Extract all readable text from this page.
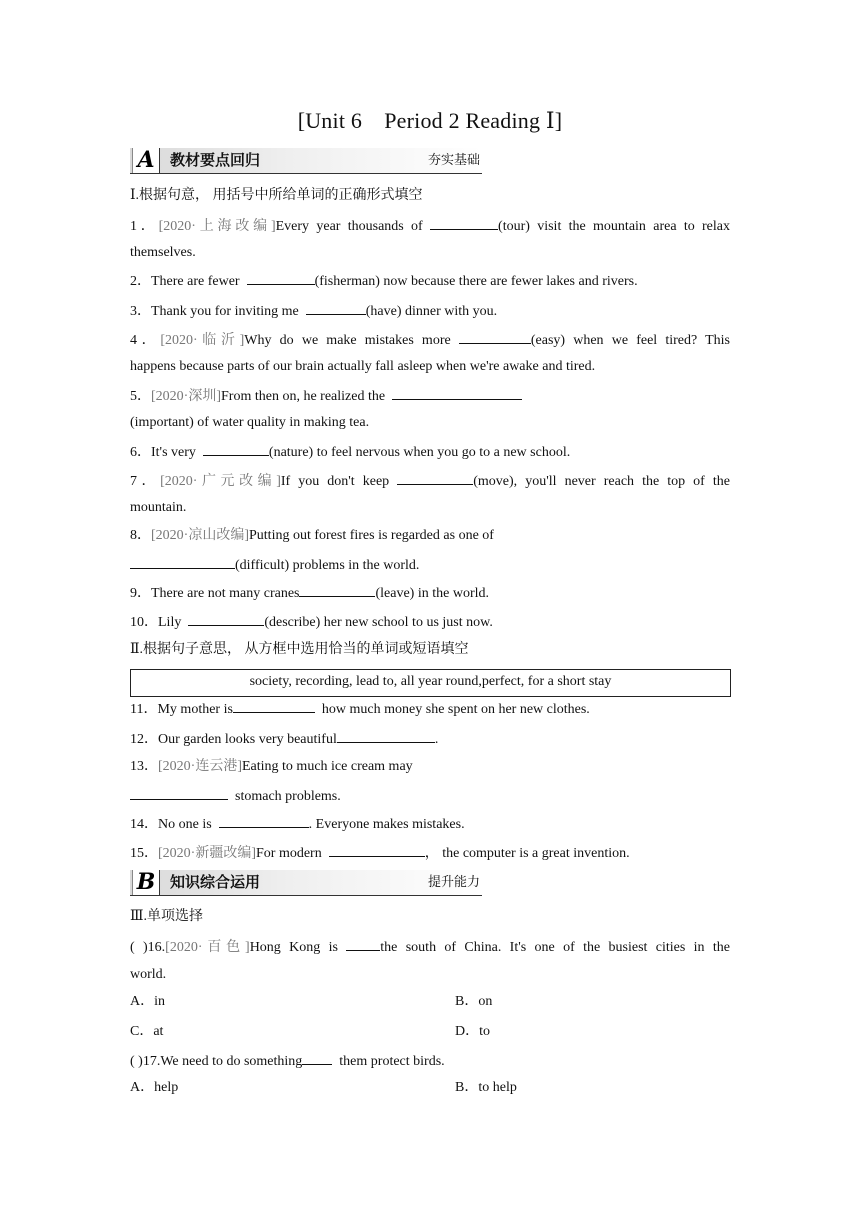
[Unit 6　Period 2 Reading Ⅰ]
A	教材要点回归	夯实基础
Ⅰ.根据句意， 用括号中所给单词的正确形式填空
1．[2020·上海改编]Every year thousands of	(tour) visit the mountain area to relax
themselves.
2．There are fewer	(fisherman) now because there are fewer lakes and rivers.
3．Thank you for inviting me	(have) dinner with you.
4．[2020·临沂]Why do we make mistakes more	(easy) when we feel tired? This
happens because parts of our brain actually fall asleep when we're awake and tired.
5．[2020·深圳]From then on, he realized the
(important) of water quality in making tea.
6．It's very	(nature) to feel nervous when you go to a new school.
7．[2020·广元改编]If you don't keep	(move), you'll never reach the top of the
mountain.
8．[2020·凉山改编]Putting out forest fires is regarded as one of
(difficult) problems in the world.
9．There are not many cranes	(leave) in the world.
10．Lily	(describe) her new school to us just now.
Ⅱ.根据句子意思， 从方框中选用恰当的单词或短语填空
society, recording, lead to, all year round,perfect, for a short stay
11．My mother is	how much money she spent on her new clothes.
12．Our garden looks very beautiful	.
13．[2020·连云港]Eating to much ice cream may
stomach problems.
14．No one is	. Everyone makes mistakes.
15．[2020·新疆改编]For modern	， the computer is a great invention.
B 知识综合运用	提升能力
Ⅲ.单项选择
( )16.[2020·百色]Hong Kong is	the south of China. It's one of the busiest cities in the
world.
A．in	B．on
C．at	D．to
( )17.We need to do something	them protect birds.
A．help	B．to help
